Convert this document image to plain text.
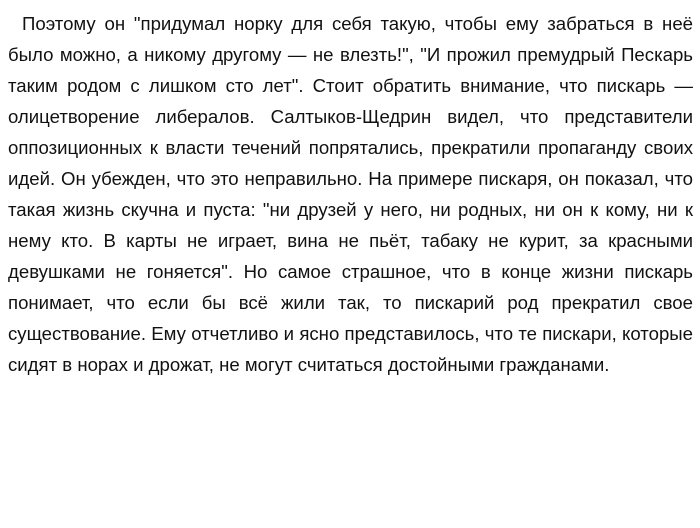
Поэтому он "придумал норку для себя такую, чтобы ему забраться в неё было можно, а никому другому — не влезть!", "И прожил премудрый Пескарь таким родом с лишком сто лет". Стоит обратить внимание, что пискарь — олицетворение либералов. Салтыков-Щедрин видел, что представители оппозиционных к власти течений попрятались, прекратили пропаганду своих идей. Он убежден, что это неправильно. На примере пискаря, он показал, что такая жизнь скучна и пуста: "ни друзей у него, ни родных, ни он к кому, ни к нему кто. В карты не играет, вина не пьёт, табаку не курит, за красными девушками не гоняется". Но самое страшное, что в конце жизни пискарь понимает, что если бы всё жили так, то пискарий род прекратил свое существование. Ему отчетливо и ясно представилось, что те пискари, которые сидят в норах и дрожат, не могут считаться достойными гражданами.
